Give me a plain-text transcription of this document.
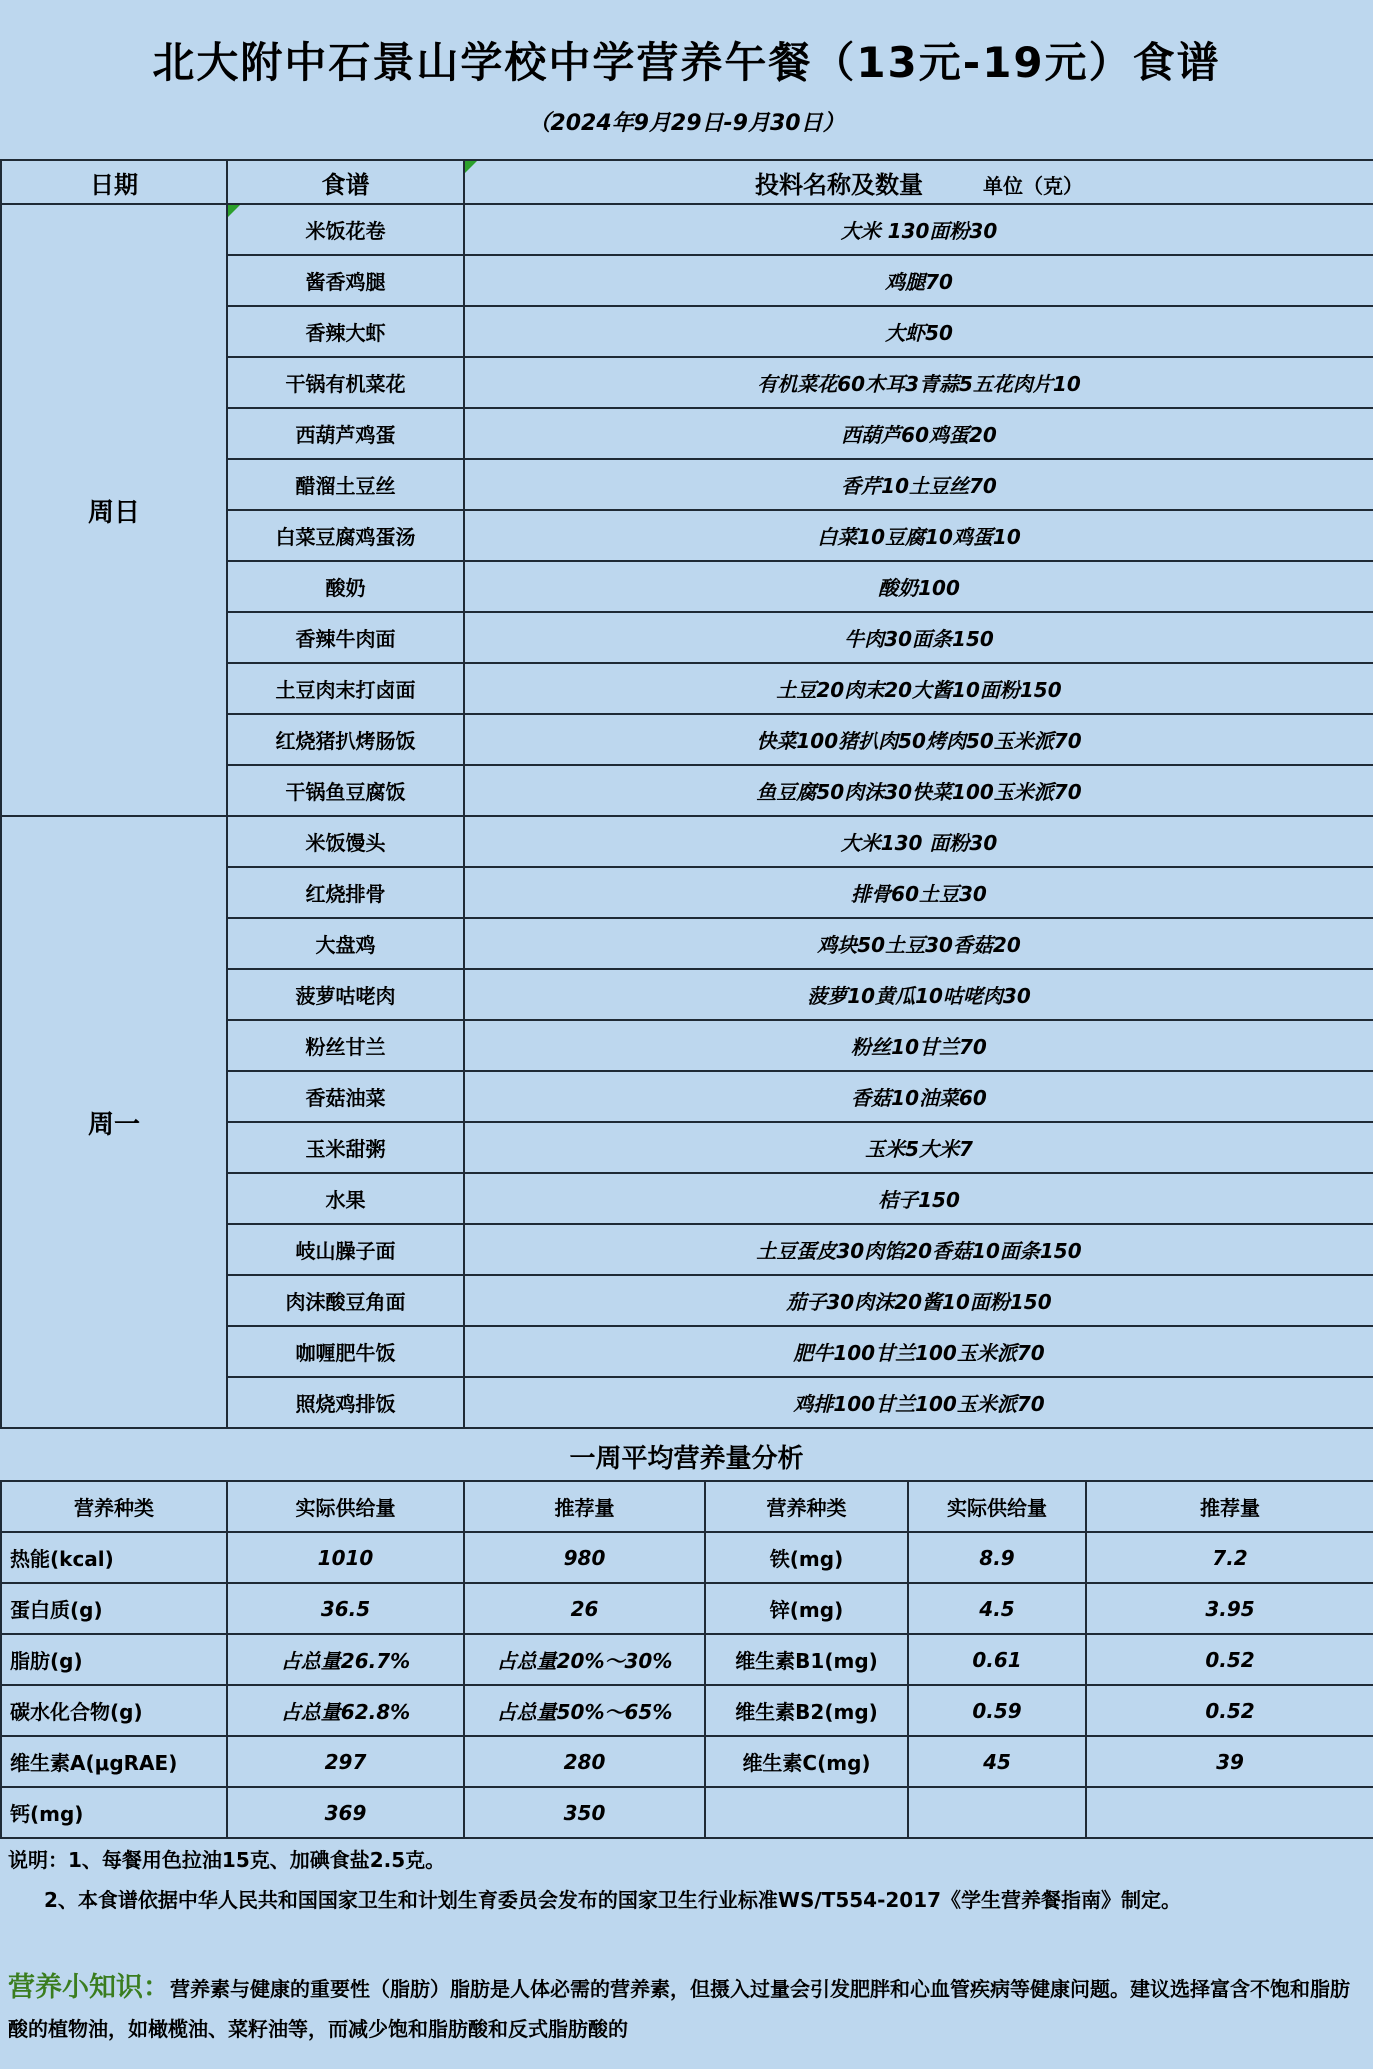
北大附中石景山学校中学营养午餐（13元-19元）食谱
（2024年9月29日-9月30日）
日期	食谱	投料名称及数量 单位（克）
周日	米饭花卷	大米 130面粉30
	酱香鸡腿	鸡腿70
	香辣大虾	大虾50
	干锅有机菜花	有机菜花60木耳3青蒜5五花肉片10
	西葫芦鸡蛋	西葫芦60鸡蛋20
	醋溜土豆丝	香芹10土豆丝70
	白菜豆腐鸡蛋汤	白菜10豆腐10鸡蛋10
	酸奶	酸奶100
	香辣牛肉面	牛肉30面条150
	土豆肉末打卤面	土豆20肉末20大酱10面粉150
	红烧猪扒烤肠饭	快菜100猪扒肉50烤肉50玉米派70
	干锅鱼豆腐饭	鱼豆腐50肉沫30快菜100玉米派70
周一	米饭馒头	大米130 面粉30
	红烧排骨	排骨60土豆30
	大盘鸡	鸡块50土豆30香菇20
	菠萝咕咾肉	菠萝10黄瓜10咕咾肉30
	粉丝甘兰	粉丝10甘兰70
	香菇油菜	香菇10油菜60
	玉米甜粥	玉米5大米7
	水果	桔子150
	岐山臊子面	土豆蛋皮30肉馅20香菇10面条150
	肉沫酸豆角面	茄子30肉沫20酱10面粉150
	咖喱肥牛饭	肥牛100甘兰100玉米派70
	照烧鸡排饭	鸡排100甘兰100玉米派70
一周平均营养量分析
营养种类	实际供给量	推荐量	营养种类	实际供给量	推荐量
热能(kcal)	1010	980	铁(mg)	8.9	7.2
蛋白质(g)	36.5	26	锌(mg)	4.5	3.95
脂肪(g)	占总量26.7%	占总量20%～30%	维生素B1(mg)	0.61	0.52
碳水化合物(g)	占总量62.8%	占总量50%～65%	维生素B2(mg)	0.59	0.52
维生素A(μgRAE)	297	280	维生素C(mg)	45	39
钙(mg)	369	350			
说明：1、每餐用色拉油15克、加碘食盐2.5克。
2、本食谱依据中华人民共和国国家卫生和计划生育委员会发布的国家卫生行业标准WS/T554-2017《学生营养餐指南》制定。
营养小知识：营养素与健康的重要性（脂肪）脂肪是人体必需的营养素，但摄入过量会引发肥胖和心血管疾病等健康问题。建议选择富含不饱和脂肪酸的植物油，如橄榄油、菜籽油等，而减少饱和脂肪酸和反式脂肪酸的
